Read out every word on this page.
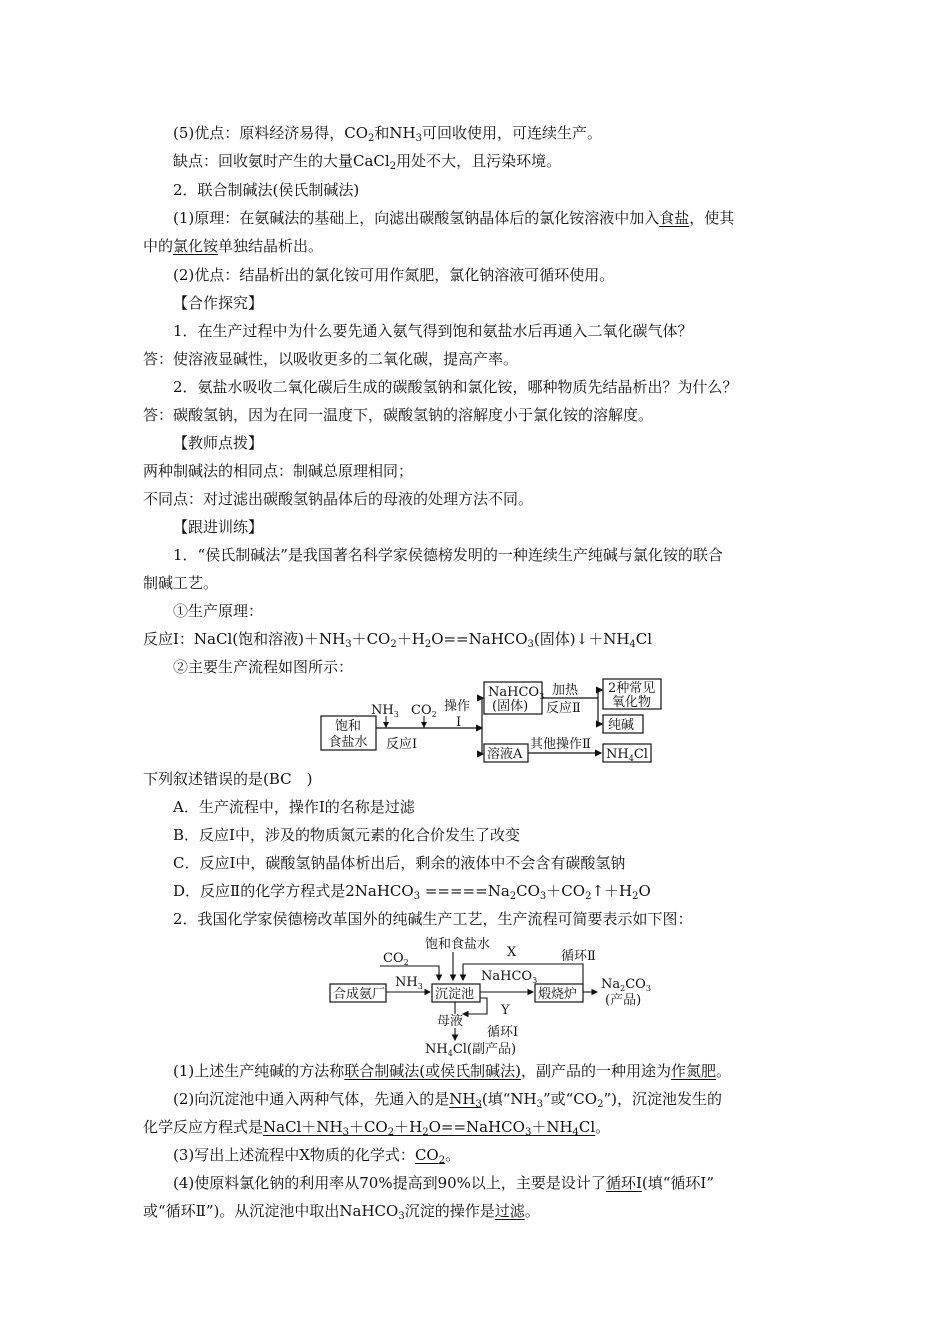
(5)优点：原料经济易得，$CO_2$和$NH_3$可回收使用，可连续生产。
缺点：回收氨时产生的大量CaCl$_2$用处不大，且污染环境。
2．联合制碱法(侯氏制碱法)
(1)原理：在氨碱法的基础上，向滤出碳酸氢钠晶体后的氯化铵溶液中加入食盐，使其
中的氯化铵单独结晶析出。
(2)优点：结晶析出的氯化铵可用作氮肥，氯化钠溶液可循环使用。
【合作探究】
1．在生产过程中为什么要先通入氨气得到饱和氨盐水后再通入二氧化碳气体？
答：使溶液显碱性，以吸收更多的二氧化碳，提高产率。
2．氨盐水吸收二氧化碳后生成的碳酸氢钠和氯化铵，哪种物质先结晶析出？为什么？
答：碳酸氢钠，因为在同一温度下，碳酸氢钠的溶解度小于氯化铵的溶解度。
【教师点拨】
两种制碱法的相同点：制碱总原理相同；
不同点：对过滤出碳酸氢钠晶体后的母液的处理方法不同。
【跟进训练】
1．“侯氏制碱法”是我国著名科学家侯德榜发明的一种连续生产纯碱与氯化铵的联合
制碱工艺。
①生产原理：
反应Ⅰ：NaCl(饱和溶液)$+NH_3+CO_2+H_2O==NaHCO_3$(固体)$↓+NH_4Cl$
②主要生产流程如图所示：
饱和
食盐水
$NH_3$ $CO_2$
反应Ⅰ
操作
Ⅰ
NaHCO$_3$
(固体)
加热
反应Ⅱ
2种常见
氧化物
纯碱
溶液A
其他操作Ⅱ
$NH_4Cl$
下列叙述错误的是(BC　)
A．生产流程中，操作Ⅰ的名称是过滤
B．反应Ⅰ中，涉及的物质氮元素的化合价发生了改变
C．反应Ⅰ中，碳酸氢钠晶体析出后，剩余的液体中不会含有碳酸氢钠
D．反应Ⅱ的化学方程式是2NaHCO$_3$ $=====Na_2CO_3+CO_2↑+H_2O$
2．我国化学家侯德榜改革国外的纯碱生产工艺，生产流程可简要表示如下图：
$CO_2$
饱和食盐水
X	循环Ⅱ
合成氨厂
$NH_3$
沉淀池
NaHCO$_3$
煅烧炉
$Na_2CO_3$
(产品)
Y
母液
循环Ⅰ
$NH_4Cl$(副产品)
(1)上述生产纯碱的方法称联合制碱法(或侯氏制碱法)，副产品的一种用途为作氮肥。
(2)向沉淀池中通入两种气体，先通入的是$NH_3$(填“$NH_3$”或“$CO_2$”)，沉淀池发生的
化学反应方程式是$NaCl+NH_3+CO_2+H_2O==NaHCO_3+NH_4Cl$。
(3)写出上述流程中X物质的化学式：$CO_2$。
(4)使原料氯化钠的利用率从70%提高到90%以上，主要是设计了循环Ⅰ(填“循环Ⅰ”
或“循环Ⅱ”)。从沉淀池中取出NaHCO$_3$沉淀的操作是过滤。
